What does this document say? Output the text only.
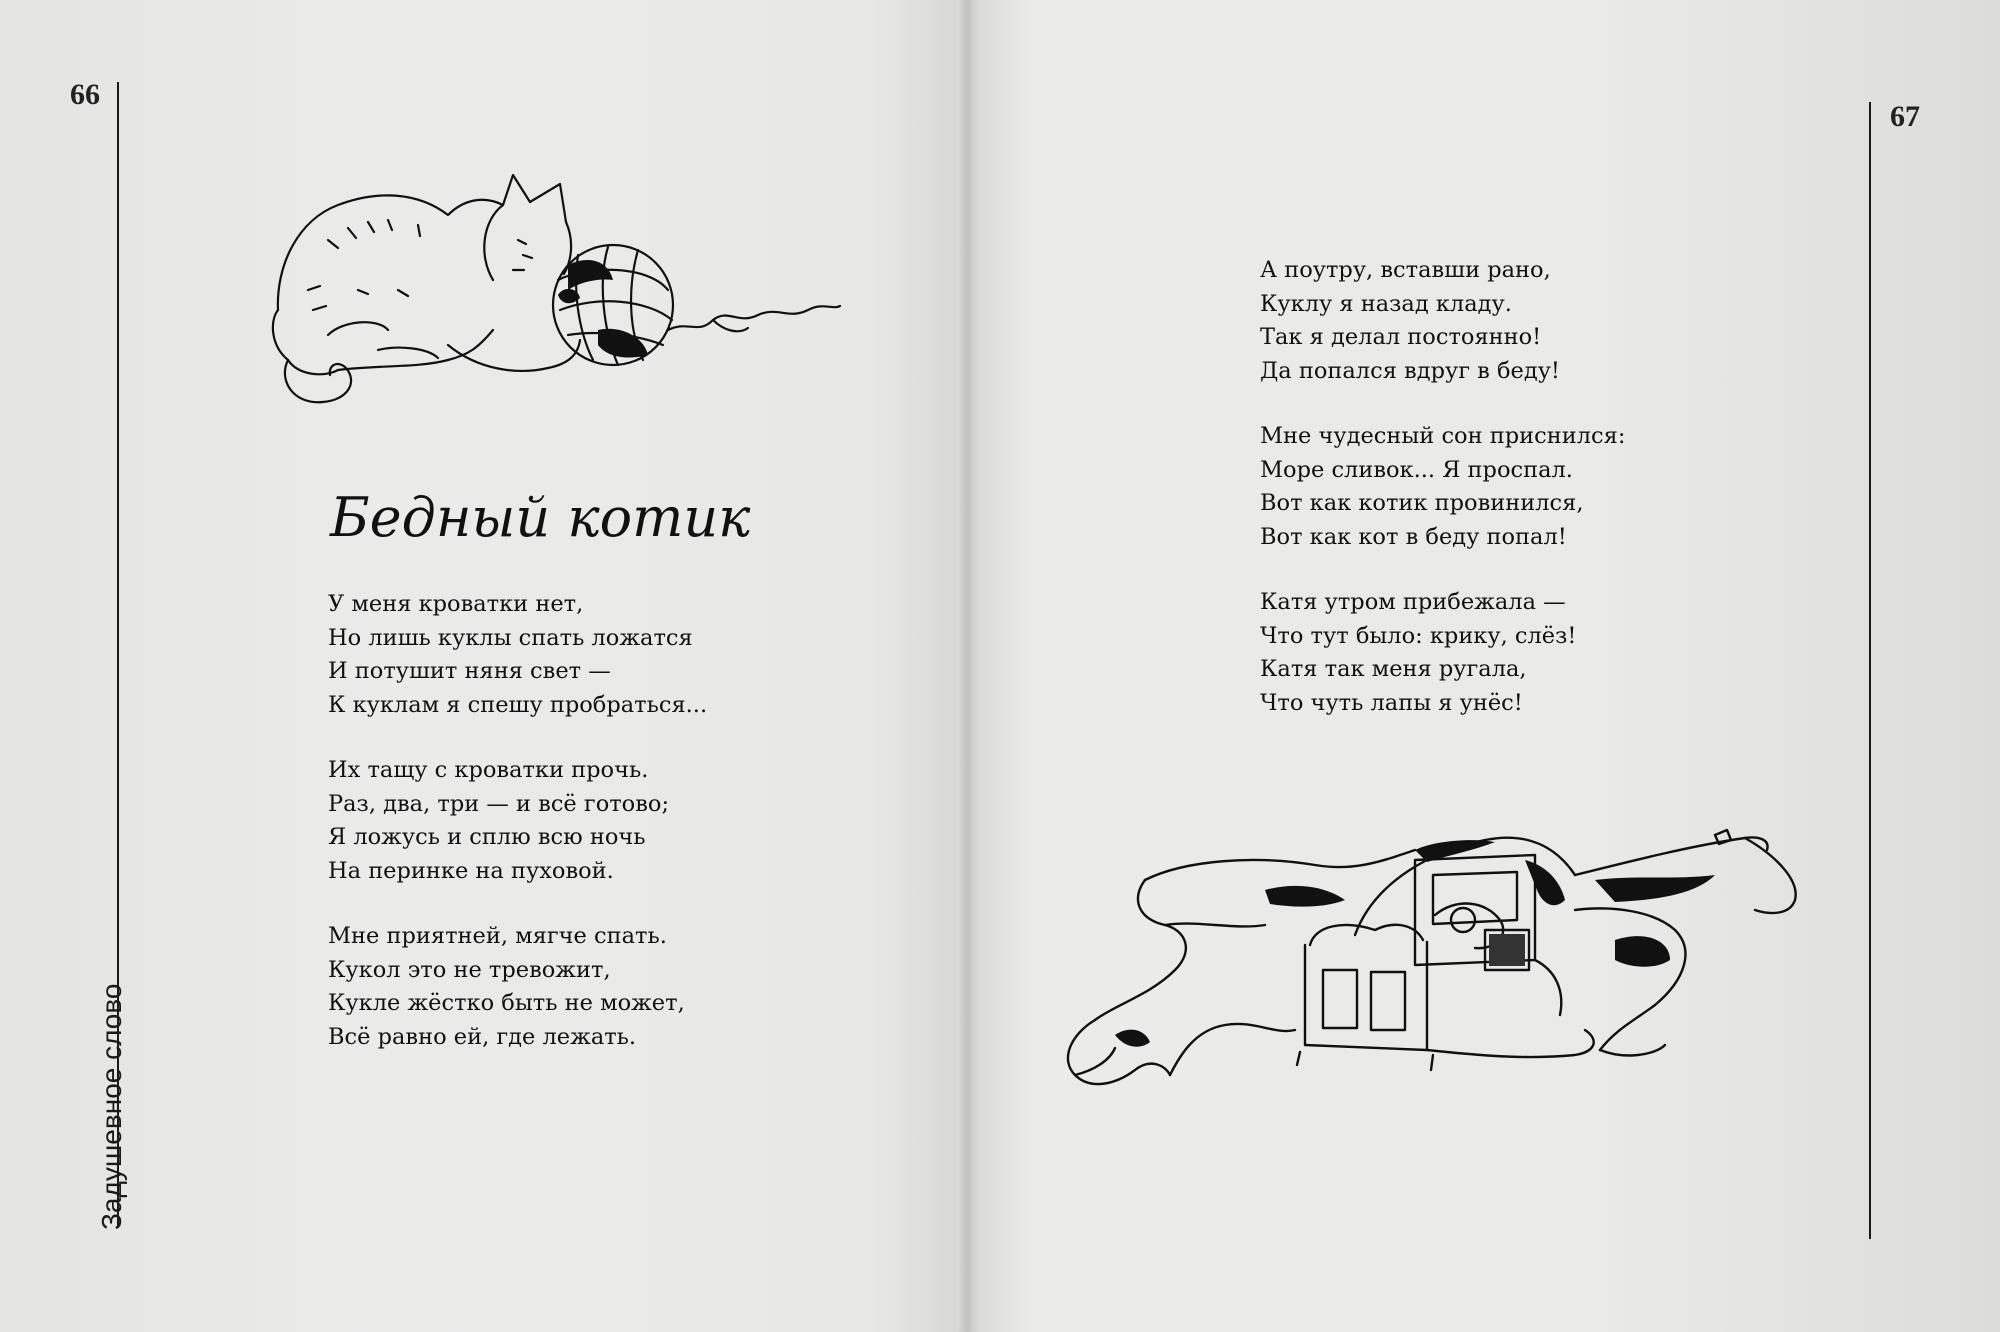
66
Задушевное слово
Бедный котик
У меня кроватки нет,
Но лишь куклы спать ложатся
И потушит няня свет —
К куклам я спешу пробраться...
Их тащу с кроватки прочь.
Раз, два, три — и всё готово;
Я ложусь и сплю всю ночь
На перинке на пуховой.
Мне приятней, мягче спать.
Кукол это не тревожит,
Кукле жёстко быть не может,
Всё равно ей, где лежать.
67
А поутру, вставши рано,
Куклу я назад кладу.
Так я делал постоянно!
Да попался вдруг в беду!
Мне чудесный сон приснился:
Море сливок... Я проспал.
Вот как котик провинился,
Вот как кот в беду попал!
Катя утром прибежала —
Что тут было: крику, слёз!
Катя так меня ругала,
Что чуть лапы я унёс!
